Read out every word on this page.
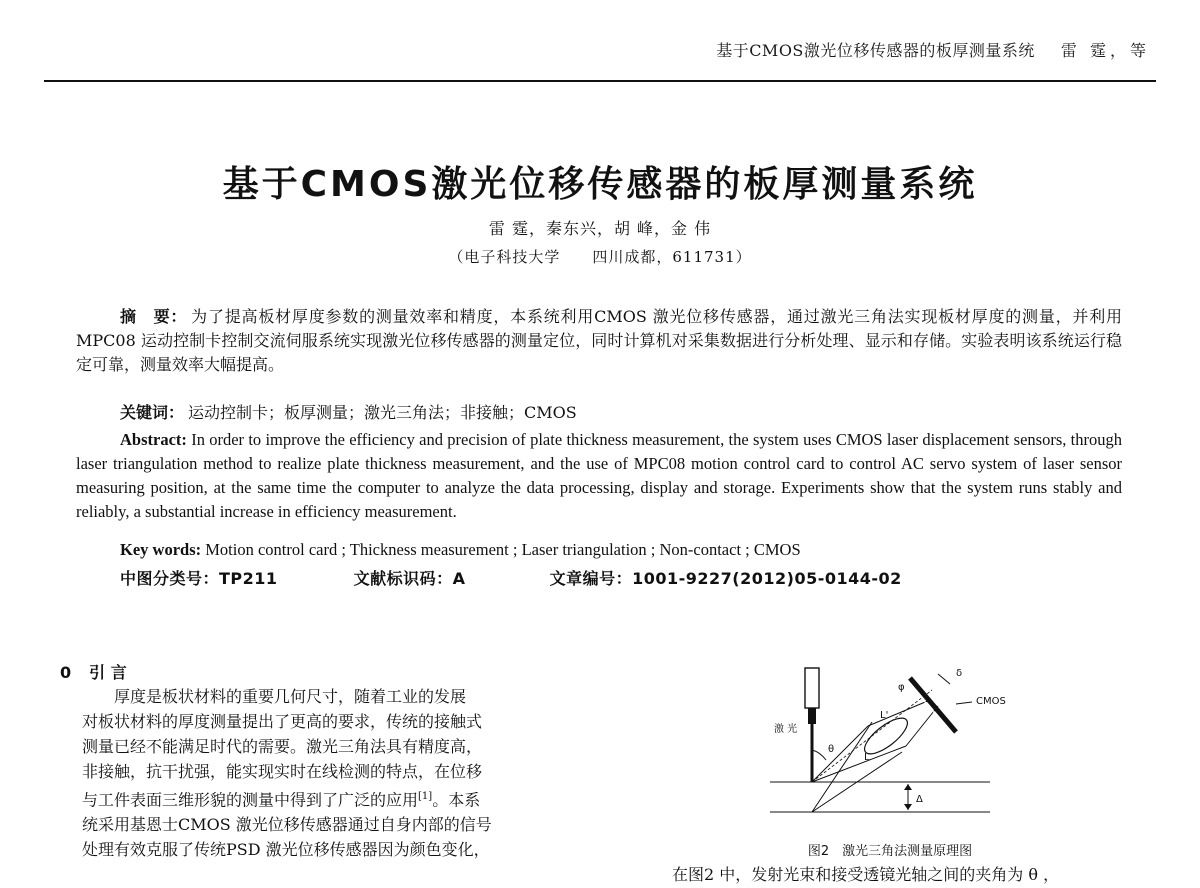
基于CMOS激光位移传感器的板厚测量系统 雷 霆，等
基于CMOS激光位移传感器的板厚测量系统
雷 霆，秦东兴，胡 峰，金 伟
（电子科技大学　　四川成都，611731）
摘　要： 为了提高板材厚度参数的测量效率和精度，本系统利用CMOS 激光位移传感器，通过激光三角法实现板材厚度的测量，并利用MPC08 运动控制卡控制交流伺服系统实现激光位移传感器的测量定位，同时计算机对采集数据进行分析处理、显示和存储。实验表明该系统运行稳定可靠，测量效率大幅提高。
关键词： 运动控制卡；板厚测量；激光三角法；非接触；CMOS
Abstract: In order to improve the efficiency and precision of plate thickness measurement, the system uses CMOS laser displacement sensors, through laser triangulation method to realize plate thickness measurement, and the use of MPC08 motion control card to control AC servo system of laser sensor measuring position, at the same time the computer to analyze the data processing, display and storage. Experiments show that the system runs stably and reliably, a substantial increase in efficiency measurement.
Key words: Motion control card ; Thickness measurement ; Laser triangulation ; Non-contact ; CMOS
中图分类号：TP211	文献标识码：A	文章编号：1001-9227(2012)05-0144-02
0 引 言
厚度是板状材料的重要几何尺寸，随着工业的发展
对板状材料的厚度测量提出了更高的要求，传统的接触式
测量已经不能满足时代的需要。激光三角法具有精度高，
非接触，抗干扰强，能实现实时在线检测的特点，在位移
与工件表面三维形貌的测量中得到了广泛的应用[1]。本系
统采用基恩士CMOS 激光位移传感器通过自身内部的信号
处理有效克服了传统PSD 激光位移传感器因为颜色变化，
激 光
CMOS
δ
φ
θ
L'
L
Δ
图2　激光三角法测量原理图
在图2 中，发射光束和接受透镜光轴之间的夹角为 θ ，
